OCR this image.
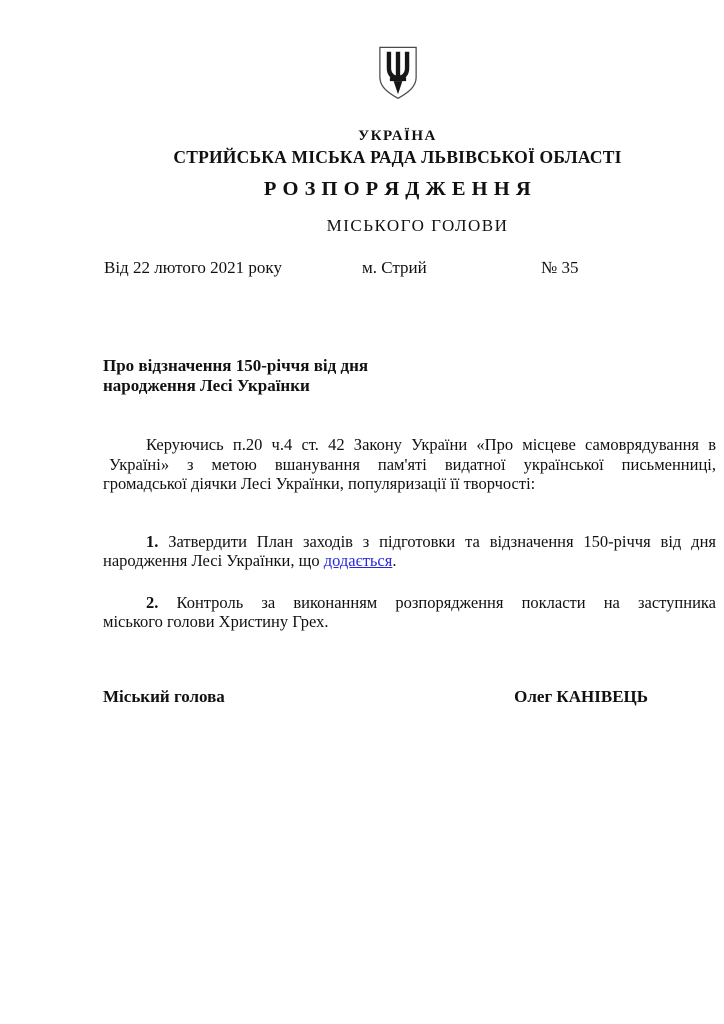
УКРАЇНА
СТРИЙСЬКА МІСЬКА РАДА ЛЬВІВСЬКОЇ ОБЛАСТІ
Р О З П О Р Я Д Ж Е Н Н Я
МІСЬКОГО ГОЛОВИ
Від 22 лютого 2021 року	м. Стрий	№ 35
Про відзначення 150-річчя від дня
народження Лесі Українки
Керуючись п.20 ч.4 ст. 42 Закону України «Про місцеве самоврядування в
Україні» з метою вшанування пам'яті видатної української письменниці,
громадської діячки Лесі Українки, популяризації її творчості:
1. Затвердити План заходів з підготовки та відзначення 150-річчя від дня
народження Лесі Українки, що додається.
2. Контроль за виконанням розпорядження покласти на заступника
міського голови Христину Грех.
Міський голова	Олег КАНІВЕЦЬ
